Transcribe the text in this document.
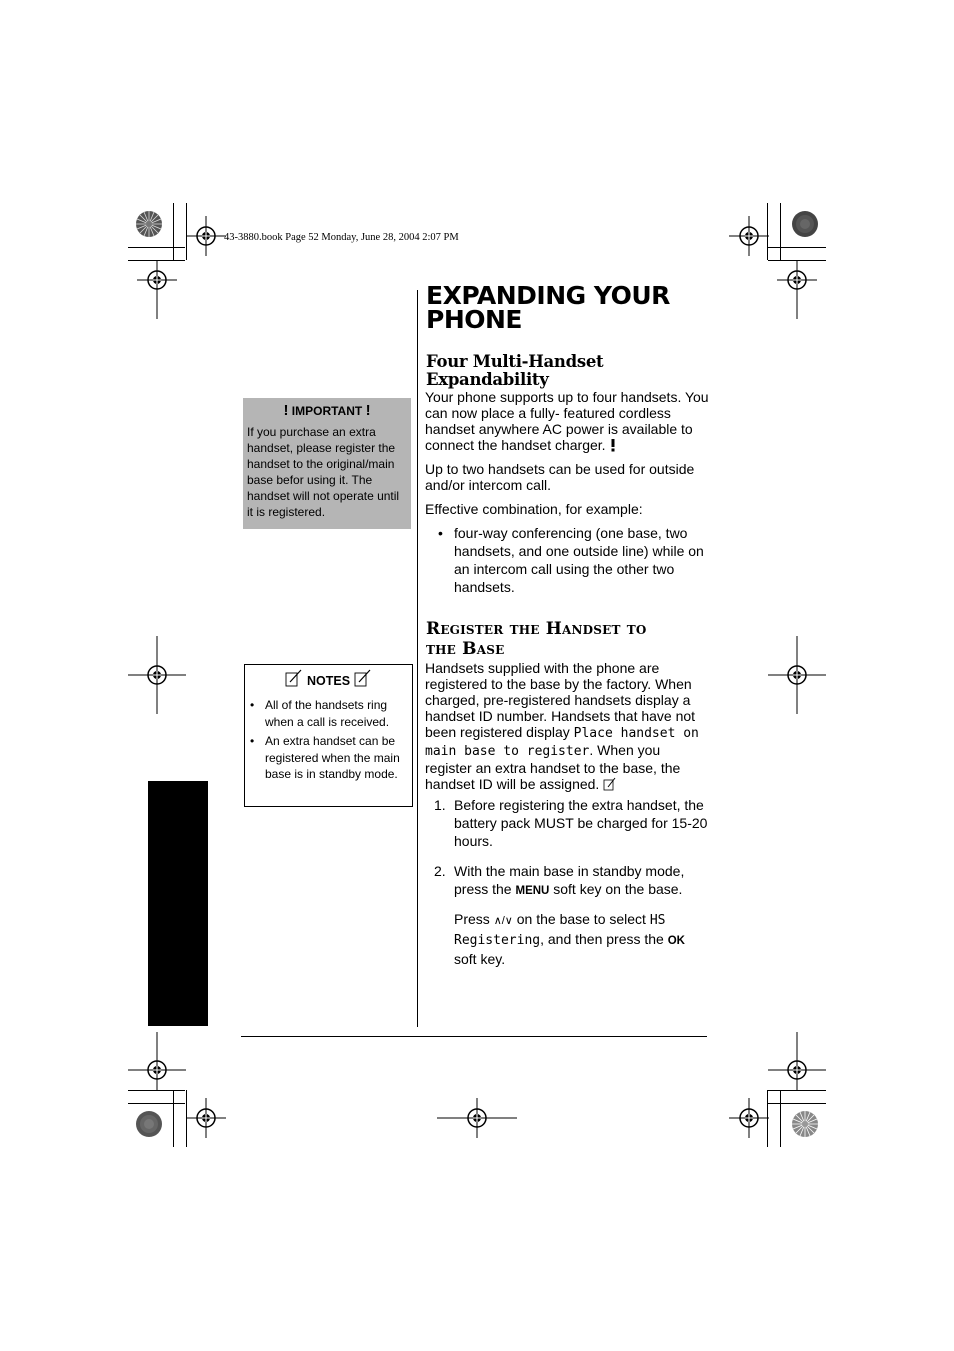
43-3880.book Page 52 Monday, June 28, 2004 2:07 PM
EXPANDING YOUR
PHONE
Four Multi-Handset
Expandability

Your phone supports up to four handsets. You can now place a fully- featured cordless handset anywhere AC power is available to connect the handset charger.

Up to two handsets can be used for outside and/or intercom call.

Effective combination, for example:

• four-way conferencing (one base, two handsets, and one outside line) while on an intercom call using the other two handsets.
Register the Handset to
the Base

Handsets supplied with the phone are registered to the base by the factory. When charged, pre-registered handsets display a handset ID number. Handsets that have not been registered display Place handset on main base to register. When you register an extra handset to the base, the handset ID will be assigned.

1. Before registering the extra handset, the battery pack MUST be charged for 15-20 hours.
2. With the main base in standby mode, press the MENU soft key on the base.

Press ∧/∨ on the base to select HS Registering, and then press the OK soft key.

! IMPORTANT !
If you purchase an extra handset, please register the handset to the original/main base befor using it. The handset will not operate until it is registered.
NOTES
• All of the handsets ring when a call is received.
• An extra handset can be registered when the main base is in standby mode.
